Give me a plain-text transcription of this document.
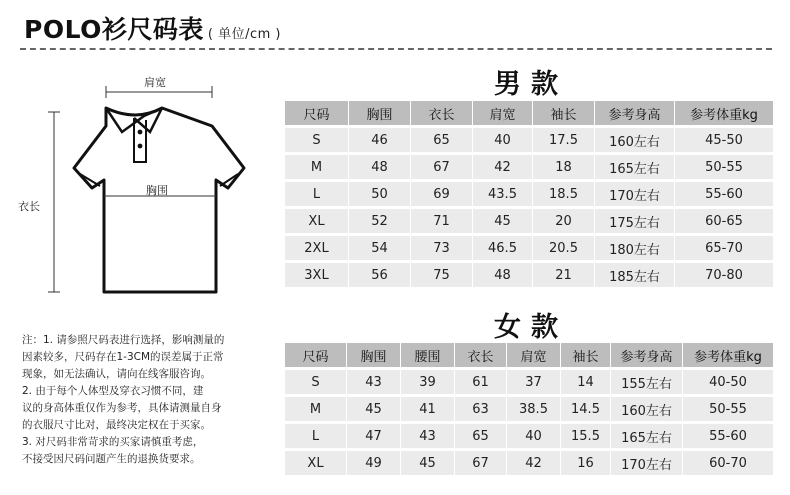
POLO衫尺码表 ( 单位/cm )
肩宽
胸围
衣长
注：1. 请参照尺码表进行选择，影响测量的
因素较多，尺码存在1-3CM的误差属于正常
现象，如无法确认，请向在线客服咨询。
2. 由于每个人体型及穿衣习惯不同，建
议的身高体重仅作为参考，具体请测量自身
的衣服尺寸比对，最终决定权在于买家。
3. 对尺码非常苛求的买家请慎重考虑，
不接受因尺码问题产生的退换货要求。
男款
尺码	胸围	衣长	肩宽	袖长	参考身高	参考体重kg
S	46	65	40	17.5	160左右	45-50
M	48	67	42	18	165左右	50-55
L	50	69	43.5	18.5	170左右	55-60
XL	52	71	45	20	175左右	60-65
2XL	54	73	46.5	20.5	180左右	65-70
3XL	56	75	48	21	185左右	70-80
女款
尺码	胸围	腰围	衣长	肩宽	袖长	参考身高	参考体重kg
S	43	39	61	37	14	155左右	40-50
M	45	41	63	38.5	14.5	160左右	50-55
L	47	43	65	40	15.5	165左右	55-60
XL	49	45	67	42	16	170左右	60-70
